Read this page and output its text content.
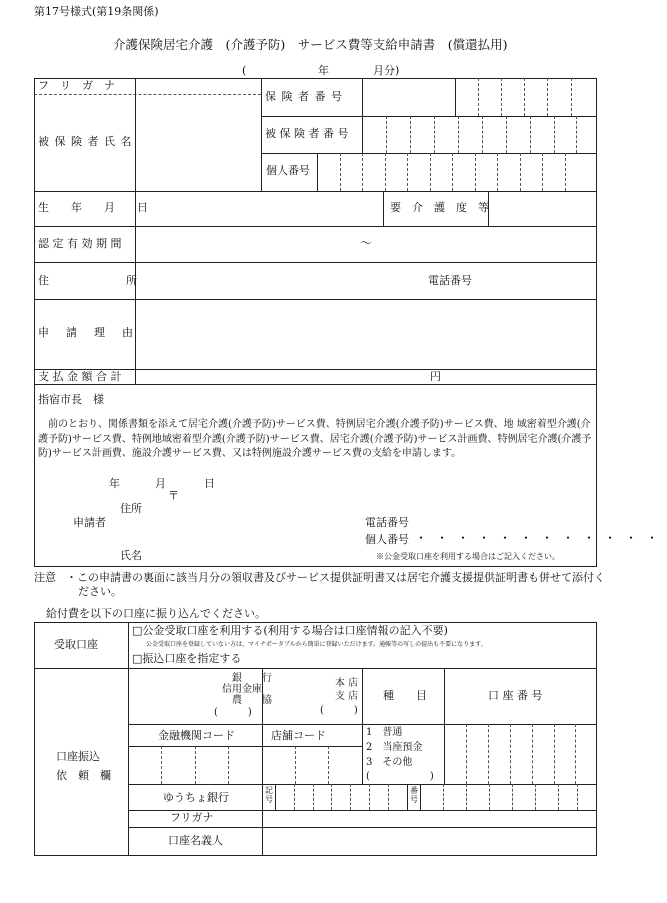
第17号様式(第19条関係)
介護保険居宅介護　(介護予防)　サービス費等支給申請書　(償還払用)
(	年	月分)
フ　リ　ガ　ナ
被 保 険 者 氏 名
保 険 者 番 号
被 保 険 者 番 号
個人番号
生　　年　　月　　日	要　介　護　度　等
認 定 有 効 期 間	～
住　　　　　　　所	電話番号
申　請　理　由
支 払 金 額 合 計	円
指宿市長　様
前のとおり、関係書類を添えて居宅介護(介護予防)サービス費、特例居宅介護(介護予防)サービス費、地 域密着型介護(介護予防)サービス費、特例地域密着型介護(介護予防)サービス費、居宅介護(介護予防)サービス計画費、特例居宅介護(介護予防)サービス計画費、施設介護サービス費、又は特例施設介護サービス費の支給を申請します。
年	月	日
〒
住所
申請者	電話番号
個人番号 ・・・・・・・・・・・・
氏名	※公金受取口座を利用する場合はご記入ください。
注意 ・この申請書の裏面に該当月分の領収書及びサービス提供証明書又は居宅介護支援提供証明書も併せて添付ください。
給付費を以下の口座に振り込んでください。
受取口座
□公金受取口座を利用する(利用する場合は口座情報の記入不要)
公金受取口座を登録していない方は、マイナポータブルから簡単に登録いただけます。通帳等の写しの提出も不要になります。
□振込口座を指定する
口座振込
依　頼　欄
銀　　行
信用金庫
農　　協
(　　　)
本 店
支 店
(　　　)
種　　目	口 座 番 号
金融機関コード	店舗コード	1　普通
2　当座預金
3　その他
(　　　　　　)
ゆうちょ銀行
記号
番号
フリガナ
口座名義人
